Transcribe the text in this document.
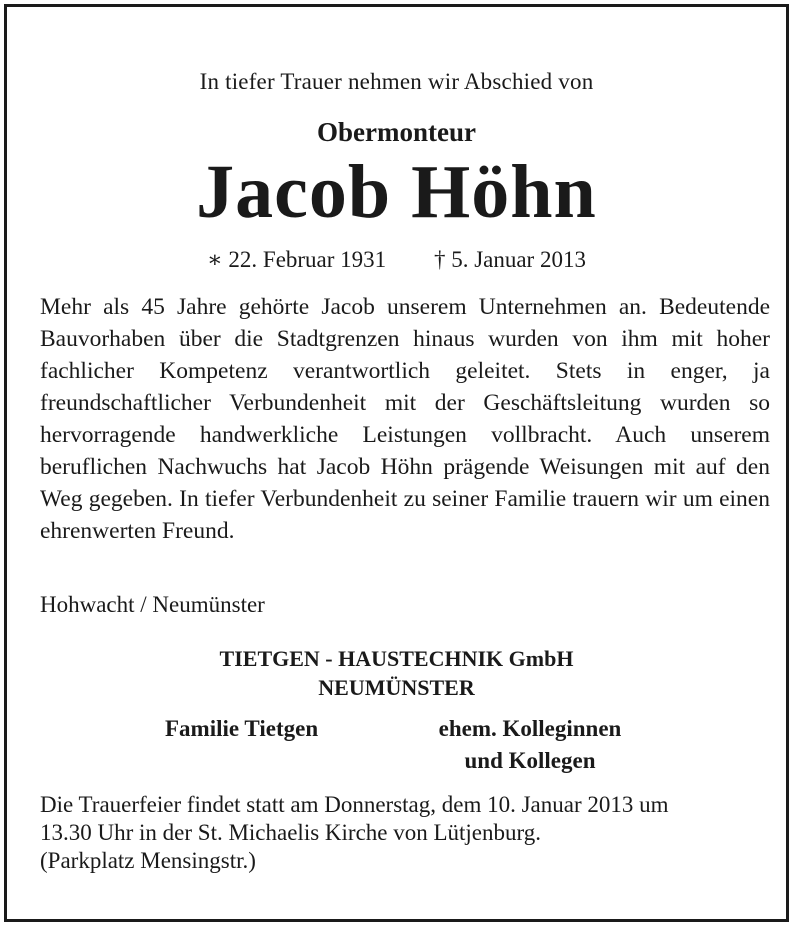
In tiefer Trauer nehmen wir Abschied von
Obermonteur
Jacob Höhn
∗ 22. Februar 1931 † 5. Januar 2013
Mehr als 45 Jahre gehörte Jacob unserem Unternehmen an. Bedeutende Bauvorhaben über die Stadtgrenzen hinaus wurden von ihm mit hoher fachlicher Kompetenz verantwortlich geleitet. Stets in enger, ja freundschaftlicher Verbundenheit mit der Geschäftsleitung wurden so hervorragende handwerkliche Leistungen vollbracht. Auch unserem beruflichen Nachwuchs hat Jacob Höhn prägende Weisungen mit auf den Weg gegeben. In tiefer Verbundenheit zu seiner Familie trauern wir um einen ehrenwerten Freund.
Hohwacht / Neumünster
TIETGEN - HAUSTECHNIK GmbH
NEUMÜNSTER
Familie Tietgen	ehem. Kolleginnen
und Kollegen
Die Trauerfeier findet statt am Donnerstag, dem 10. Januar 2013 um
13.30 Uhr in der St. Michaelis Kirche von Lütjenburg.
(Parkplatz Mensingstr.)
